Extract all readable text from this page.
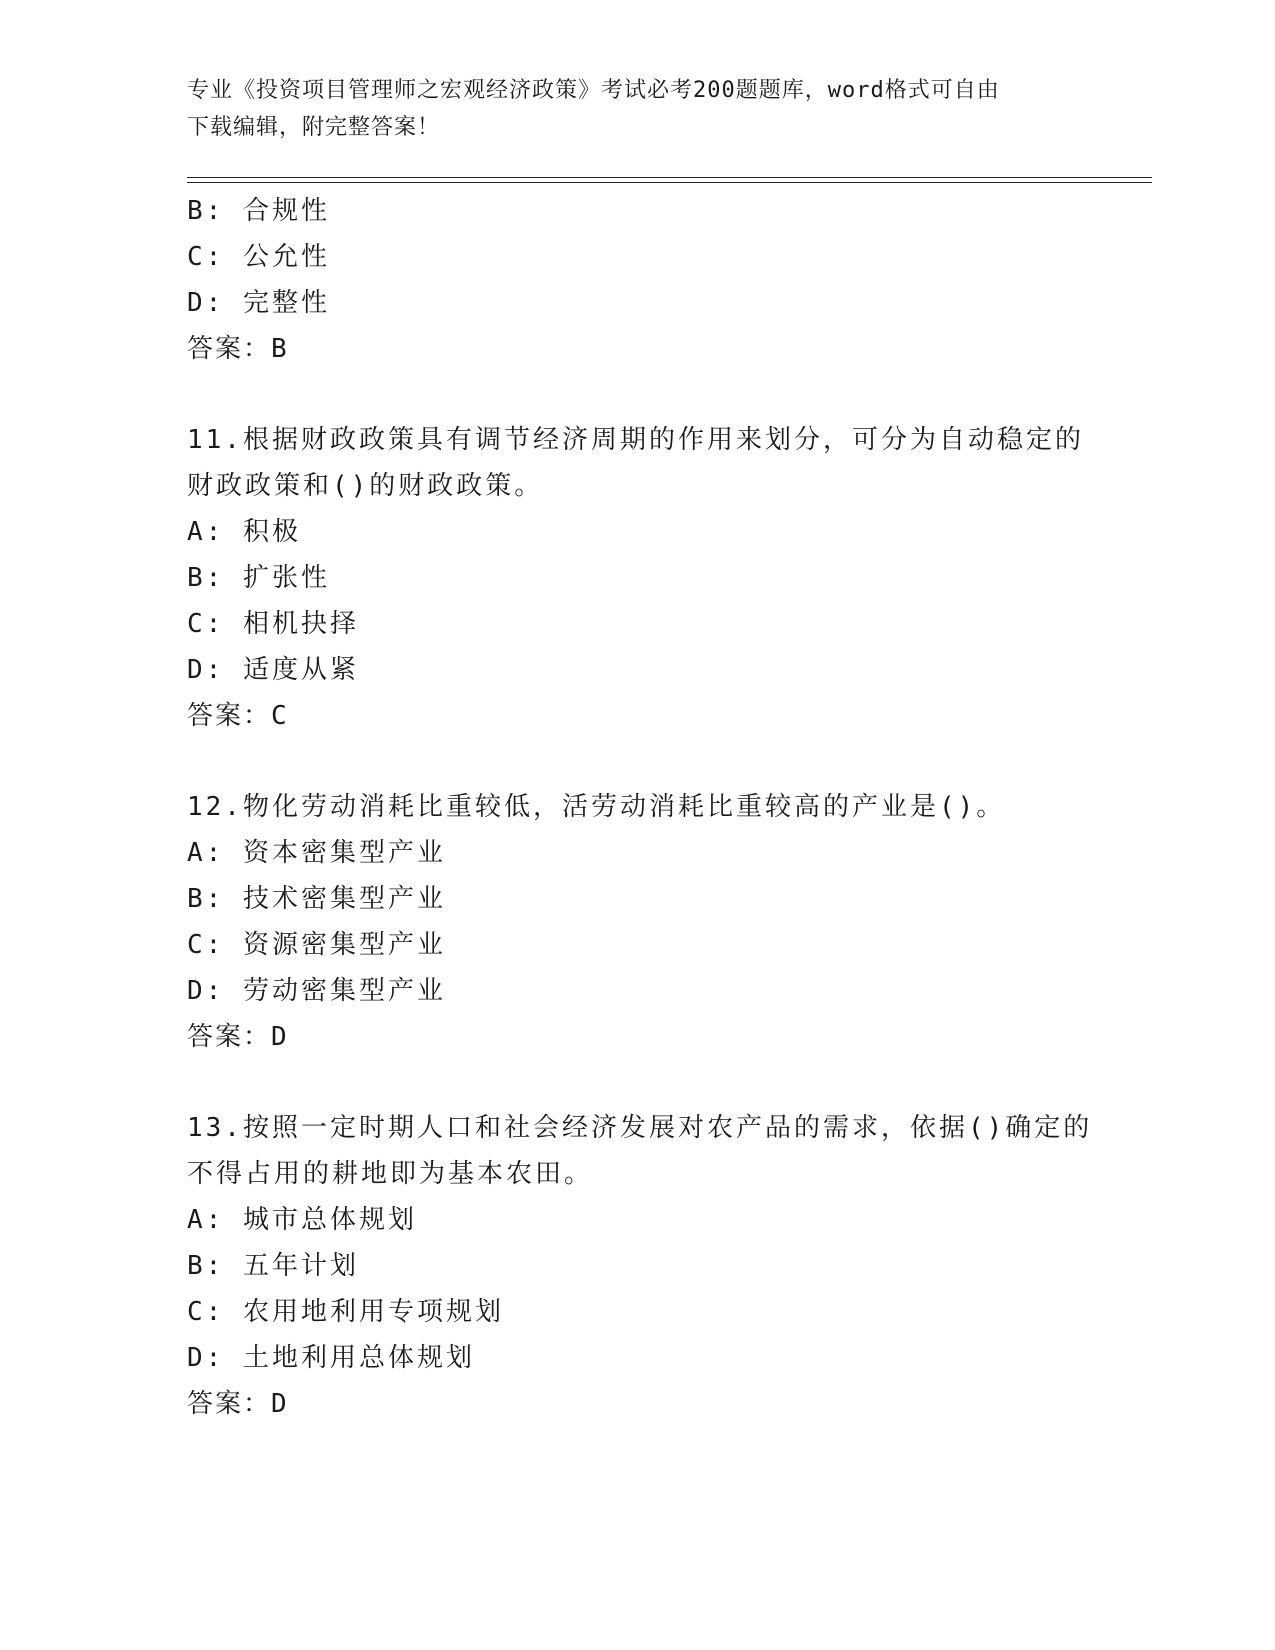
专业《投资项目管理师之宏观经济政策》考试必考200题题库，word格式可自由
下载编辑，附完整答案！
B: 合规性
C: 公允性
D: 完整性
答案：B
11.根据财政政策具有调节经济周期的作用来划分，可分为自动稳定的
财政政策和()的财政政策。
A: 积极
B: 扩张性
C: 相机抉择
D: 适度从紧
答案：C
12.物化劳动消耗比重较低，活劳动消耗比重较高的产业是()。
A: 资本密集型产业
B: 技术密集型产业
C: 资源密集型产业
D: 劳动密集型产业
答案：D
13.按照一定时期人口和社会经济发展对农产品的需求，依据()确定的
不得占用的耕地即为基本农田。
A: 城市总体规划
B: 五年计划
C: 农用地利用专项规划
D: 土地利用总体规划
答案：D
